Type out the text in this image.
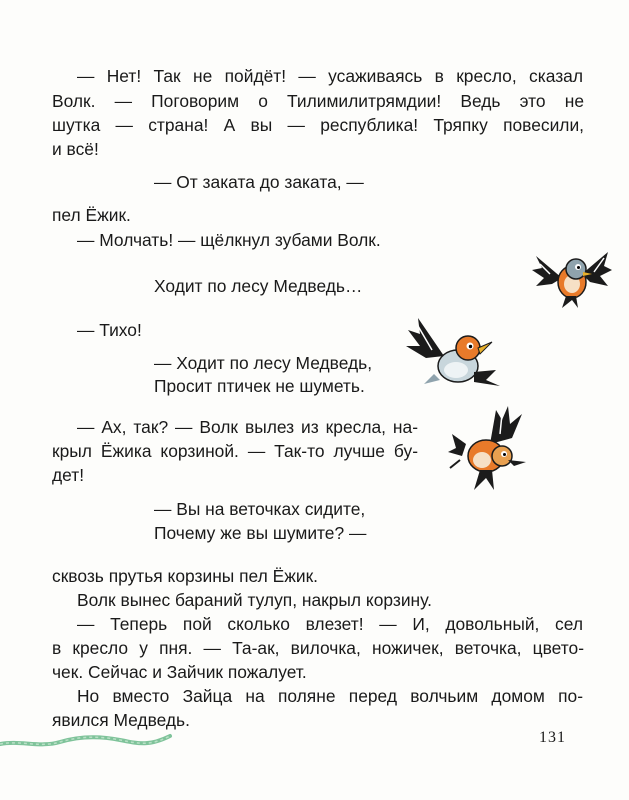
— Нет! Так не пойдёт! — усаживаясь в кресло, сказал
Волк. — Поговорим о Тилимилитрямдии! Ведь это не
шутка — страна! А вы — республика! Тряпку повесили,
и всё!
— От заката до заката, —
пел Ёжик.
— Молчать! — щёлкнул зубами Волк.
Ходит по лесу Медведь…
— Тихо!
— Ходит по лесу Медведь,
Просит птичек не шуметь.
— Ах, так? — Волк вылез из кресла, на-
крыл Ёжика корзиной. — Так-то лучше бу-
дет!
— Вы на веточках сидите,
Почему же вы шумите? —
сквозь прутья корзины пел Ёжик.
Волк вынес бараний тулуп, накрыл корзину.
— Теперь пой сколько влезет! — И, довольный, сел
в кресло у пня. — Та-ак, вилочка, ножичек, веточка, цвето-
чек. Сейчас и Зайчик пожалует.
Но вместо Зайца на поляне перед волчьим домом по-
явился Медведь.
131
